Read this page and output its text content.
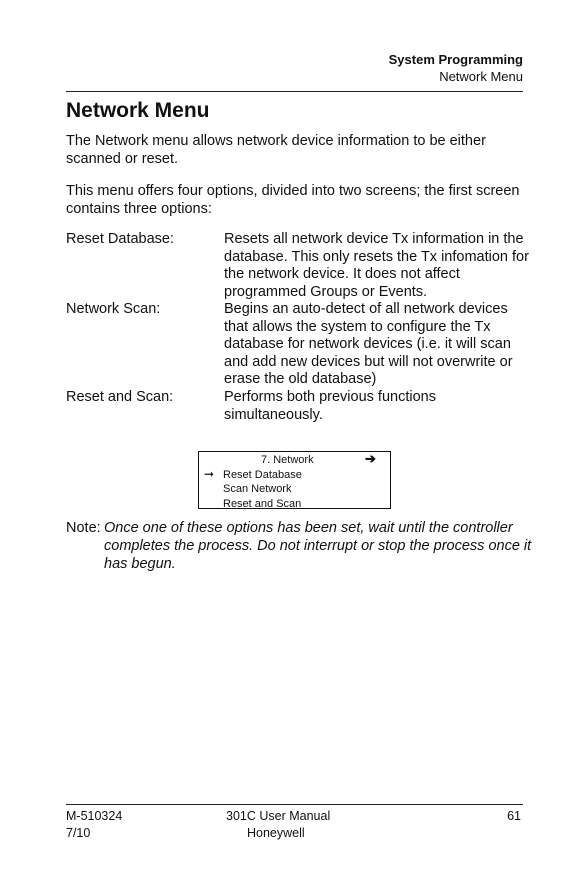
System Programming
Network Menu
Network Menu

The Network menu allows network device information to be either scanned or reset.

This menu offers four options, divided into two screens; the first screen contains three options:

Reset Database:	Resets all network device Tx information in the database. This only resets the Tx infomation for the network device. It does not affect programmed Groups or Events.
Network Scan:	Begins an auto-detect of all network devices that allows the system to configure the Tx database for network devices (i.e. it will scan and add new devices but will not overwrite or erase the old database)
Reset and Scan:	Performs both previous functions simultaneously.
7. Network	➔
➞ Reset Database
Scan Network
Reset and Scan
Note: Once one of these options has been set, wait until the controller completes the process. Do not interrupt or stop the process once it has begun.
M-510324
7/10
301C User Manual
Honeywell
61
